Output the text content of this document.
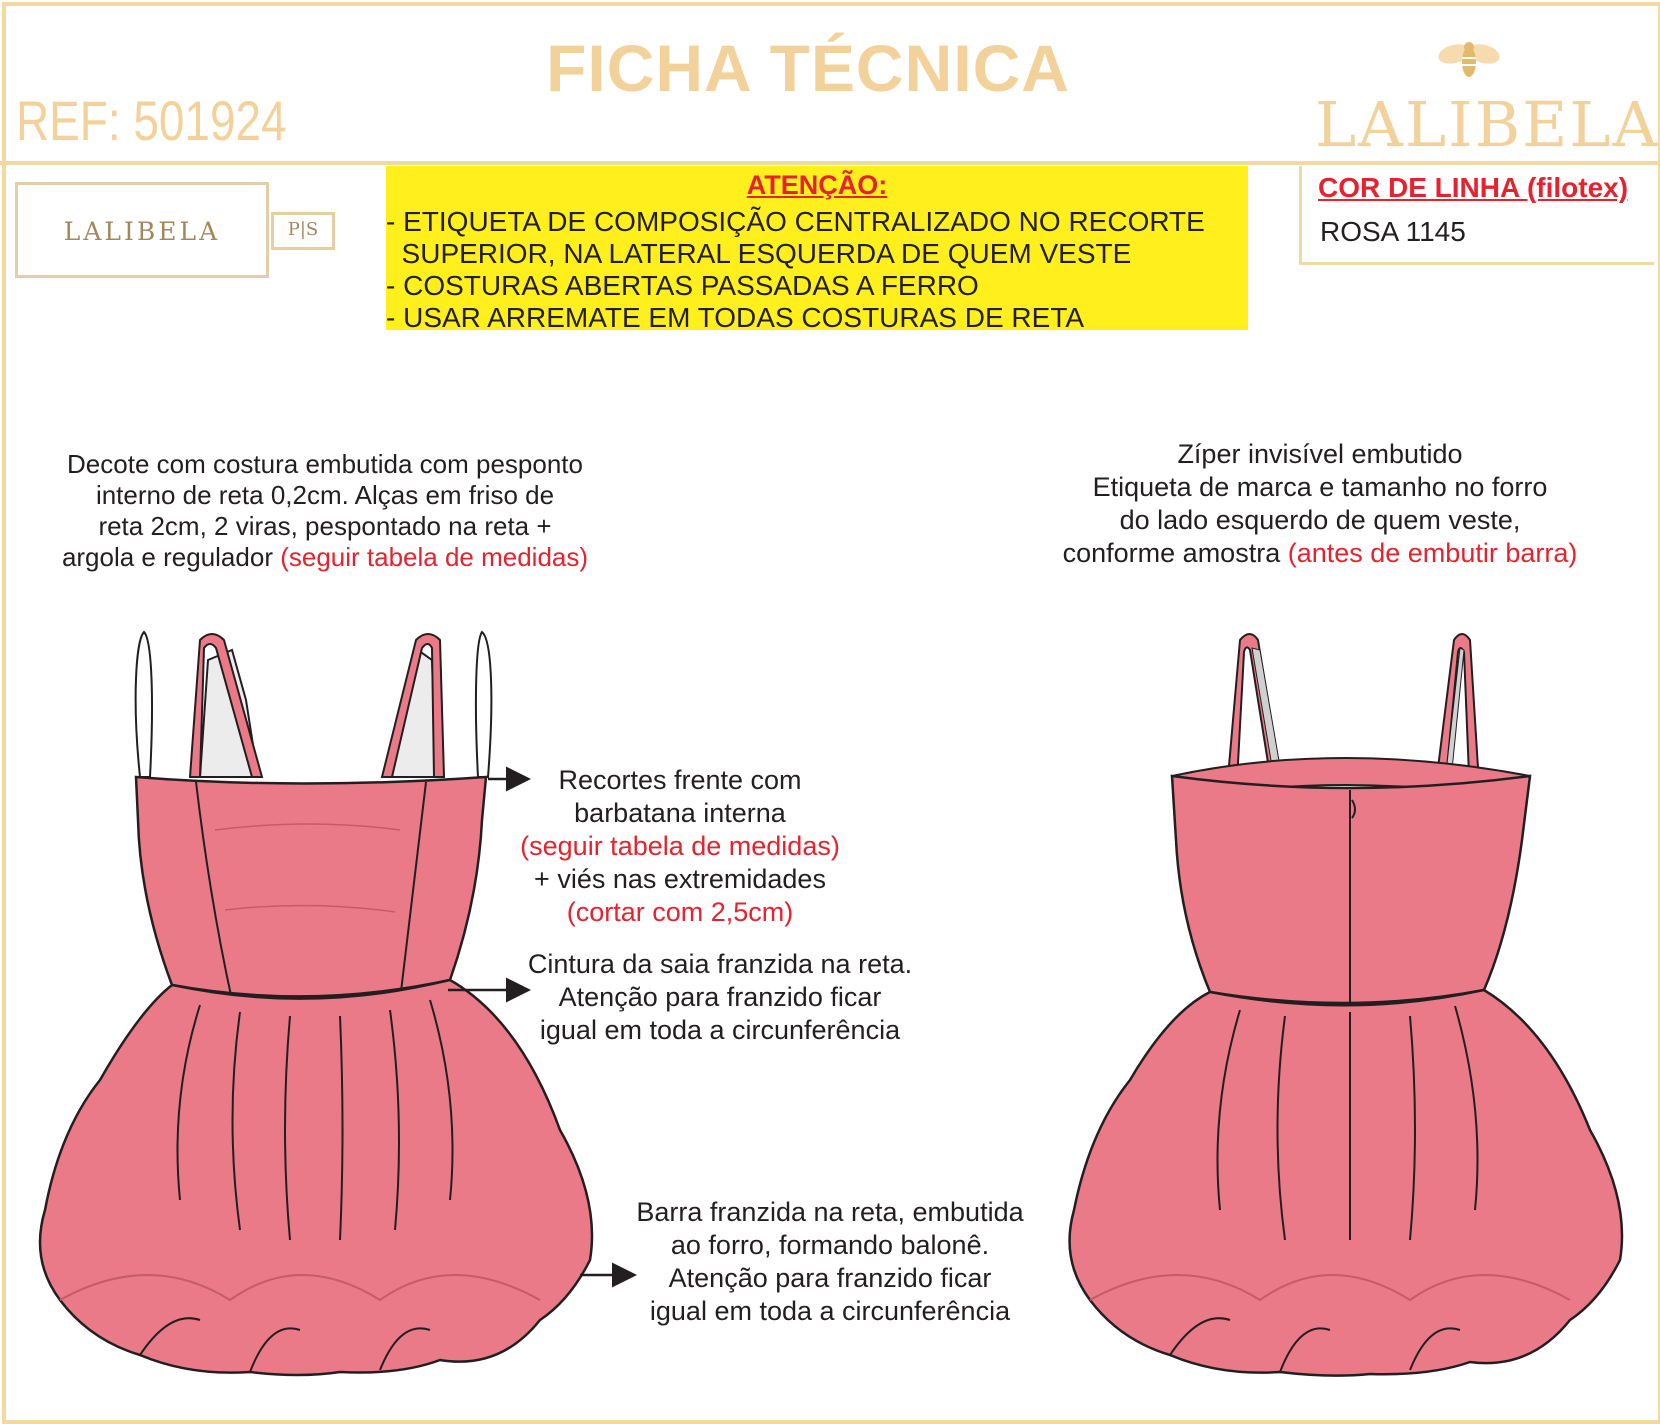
FICHA TÉCNICA
REF: 501924	LALIBELA
LALIBELA	P|S
ATENÇÃO:
- ETIQUETA DE COMPOSIÇÃO CENTRALIZADO NO RECORTE
SUPERIOR, NA LATERAL ESQUERDA DE QUEM VESTE
- COSTURAS ABERTAS PASSADAS A FERRO
- USAR ARREMATE EM TODAS COSTURAS DE RETA
COR DE LINHA (filotex)
ROSA 1145
Decote com costura embutida com pesponto
interno de reta 0,2cm. Alças em friso de
reta 2cm, 2 viras, pespontado na reta +
argola e regulador (seguir tabela de medidas)
Zíper invisível embutido
Etiqueta de marca e tamanho no forro
do lado esquerdo de quem veste,
conforme amostra (antes de embutir barra)
Recortes frente com
barbatana interna
(seguir tabela de medidas)
+ viés nas extremidades
(cortar com 2,5cm)
Cintura da saia franzida na reta.
Atenção para franzido ficar
igual em toda a circunferência
Barra franzida na reta, embutida
ao forro, formando balonê.
Atenção para franzido ficar
igual em toda a circunferência
